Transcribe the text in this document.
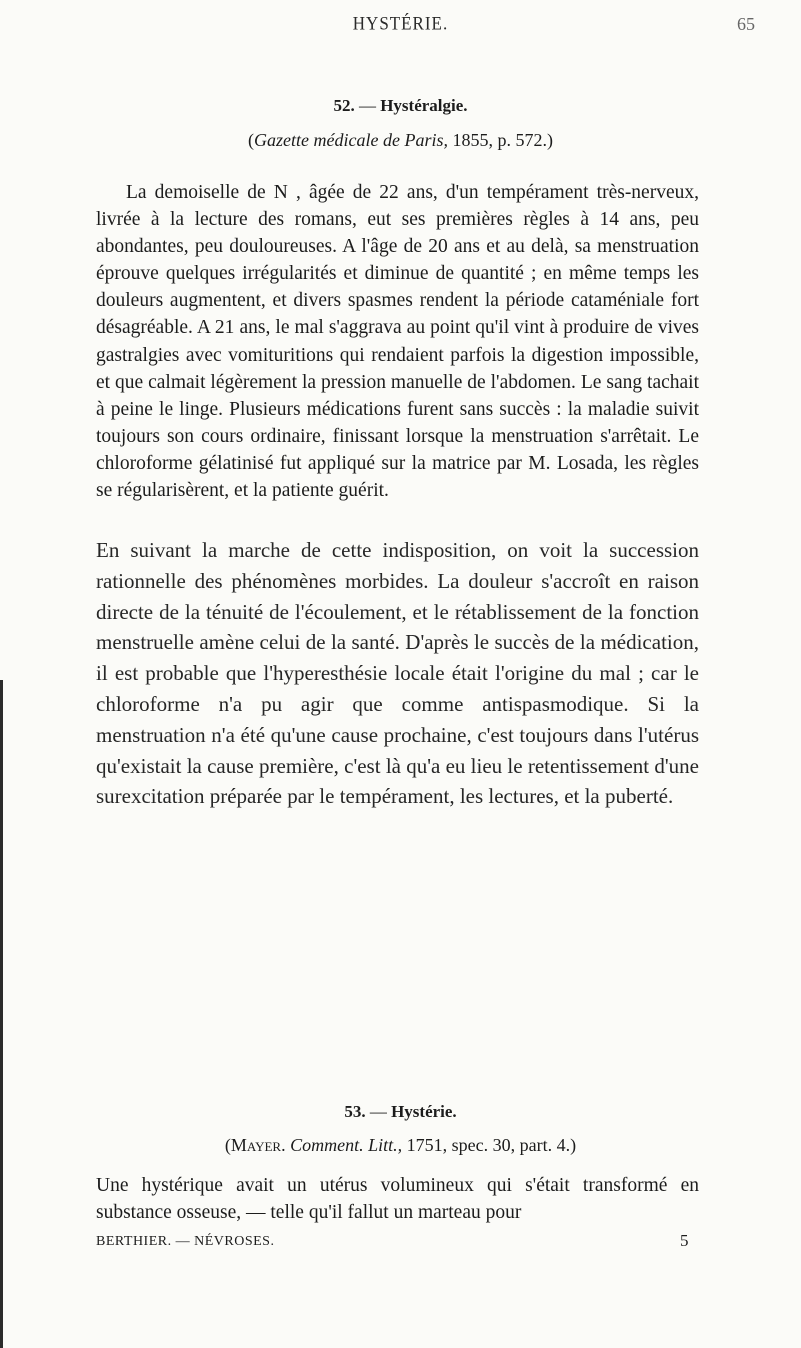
HYSTÉRIE.	65
52. — Hystéralgie.
(Gazette médicale de Paris, 1855, p. 572.)

La demoiselle de N , âgée de 22 ans, d'un tempérament très-nerveux, livrée à la lecture des romans, eut ses premières règles à 14 ans, peu abondantes, peu douloureuses. A l'âge de 20 ans et au delà, sa menstruation éprouve quelques irrégularités et diminue de quantité ; en même temps les douleurs augmentent, et divers spasmes rendent la période cataméniale fort désagréable. A 21 ans, le mal s'aggrava au point qu'il vint à produire de vives gastralgies avec vomituritions qui rendaient parfois la digestion impossible, et que calmait légèrement la pression manuelle de l'abdomen. Le sang tachait à peine le linge. Plusieurs médications furent sans succès : la maladie suivit toujours son cours ordinaire, finissant lorsque la menstruation s'arrêtait. Le chloroforme gélatinisé fut appliqué sur la matrice par M. Losada, les règles se régularisèrent, et la patiente guérit.

En suivant la marche de cette indisposition, on voit la succession rationnelle des phénomènes morbides. La douleur s'accroît en raison directe de la ténuité de l'écoulement, et le rétablissement de la fonction menstruelle amène celui de la santé. D'après le succès de la médication, il est probable que l'hyperesthésie locale était l'origine du mal ; car le chloroforme n'a pu agir que comme antispasmodique. Si la menstruation n'a été qu'une cause prochaine, c'est toujours dans l'utérus qu'existait la cause première, c'est là qu'a eu lieu le retentissement d'une surexcitation préparée par le tempérament, les lectures, et la puberté.

53. — Hystérie.
(Mayer. Comment. Litt., 1751, spec. 30, part. 4.)

Une hystérique avait un utérus volumineux qui s'était transformé en substance osseuse, — telle qu'il fallut un marteau pour

BERTHIER. — NÉVROSES.	5
